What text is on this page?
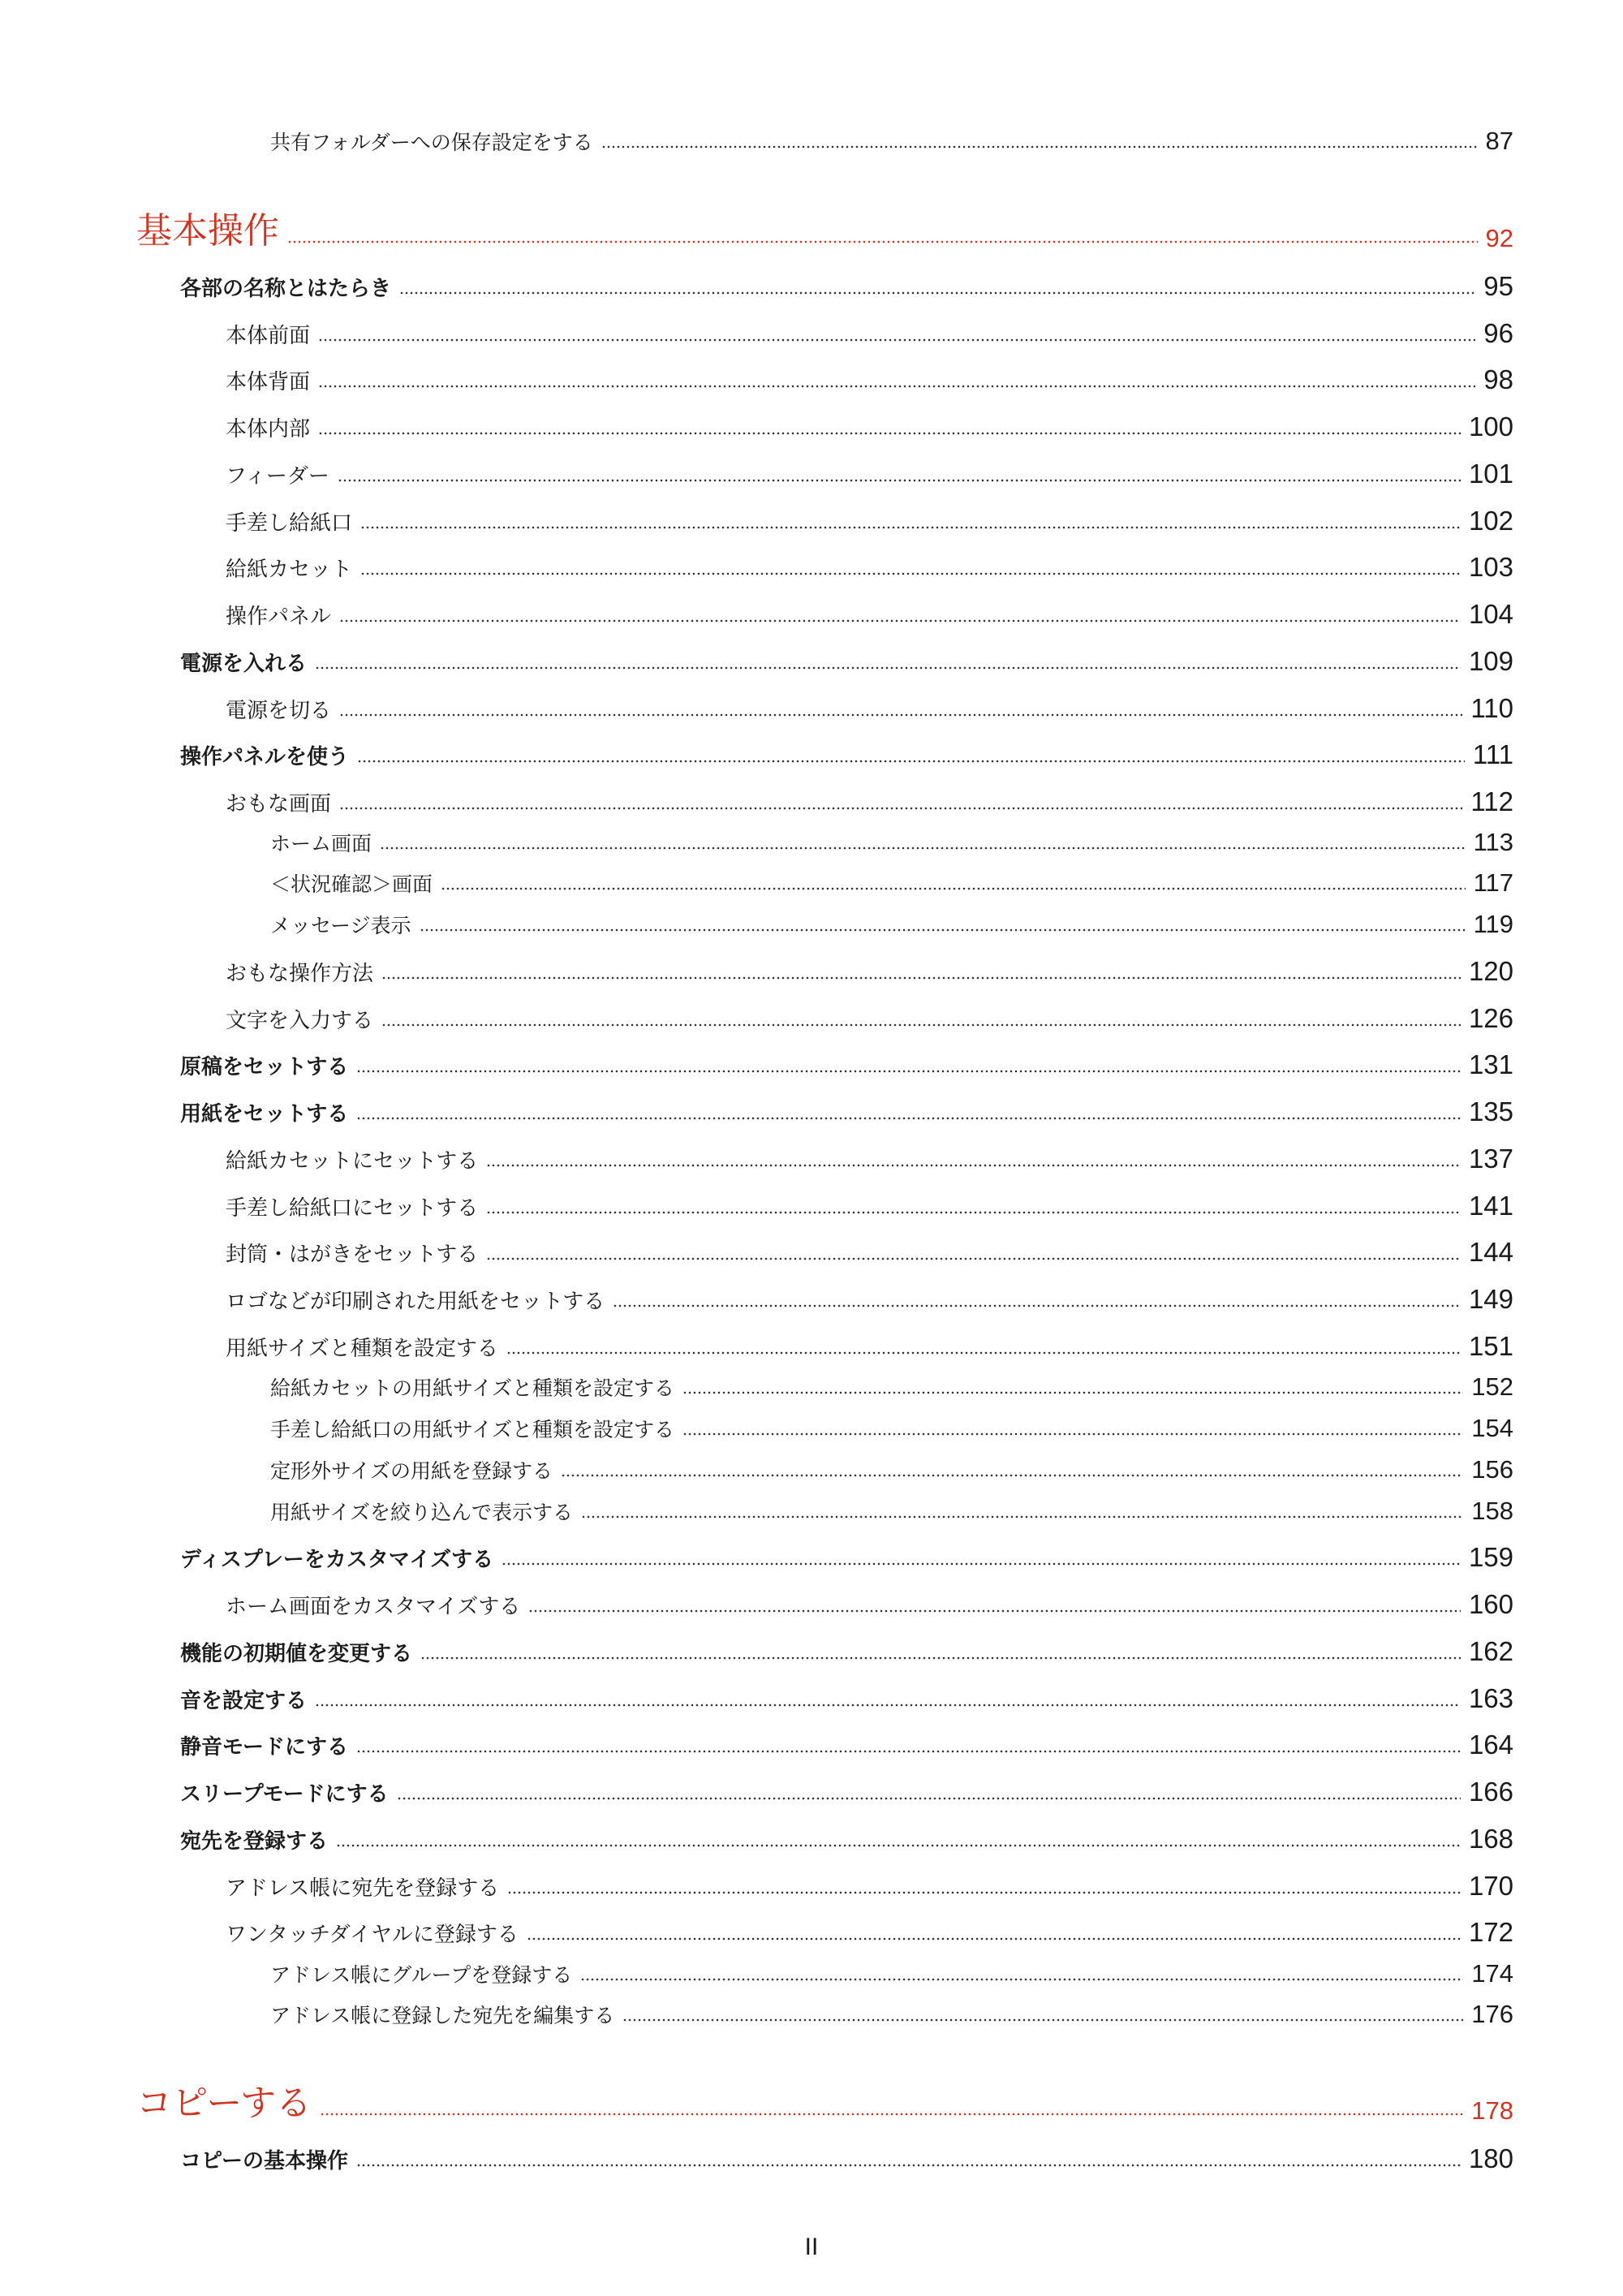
共有フォルダーへの保存設定をする	87
基本操作	92
各部の名称とはたらき	95
本体前面	96
本体背面	98
本体内部	100
フィーダー	101
手差し給紙口	102
給紙カセット	103
操作パネル	104
電源を入れる	109
電源を切る	110
操作パネルを使う	111
おもな画面	112
ホーム画面	113
＜状況確認＞画面	117
メッセージ表示	119
おもな操作方法	120
文字を入力する	126
原稿をセットする	131
用紙をセットする	135
給紙カセットにセットする	137
手差し給紙口にセットする	141
封筒・はがきをセットする	144
ロゴなどが印刷された用紙をセットする	149
用紙サイズと種類を設定する	151
給紙カセットの用紙サイズと種類を設定する	152
手差し給紙口の用紙サイズと種類を設定する	154
定形外サイズの用紙を登録する	156
用紙サイズを絞り込んで表示する	158
ディスプレーをカスタマイズする	159
ホーム画面をカスタマイズする	160
機能の初期値を変更する	162
音を設定する	163
静音モードにする	164
スリープモードにする	166
宛先を登録する	168
アドレス帳に宛先を登録する	170
ワンタッチダイヤルに登録する	172
アドレス帳にグループを登録する	174
アドレス帳に登録した宛先を編集する	176
コピーする	178
コピーの基本操作	180
II
